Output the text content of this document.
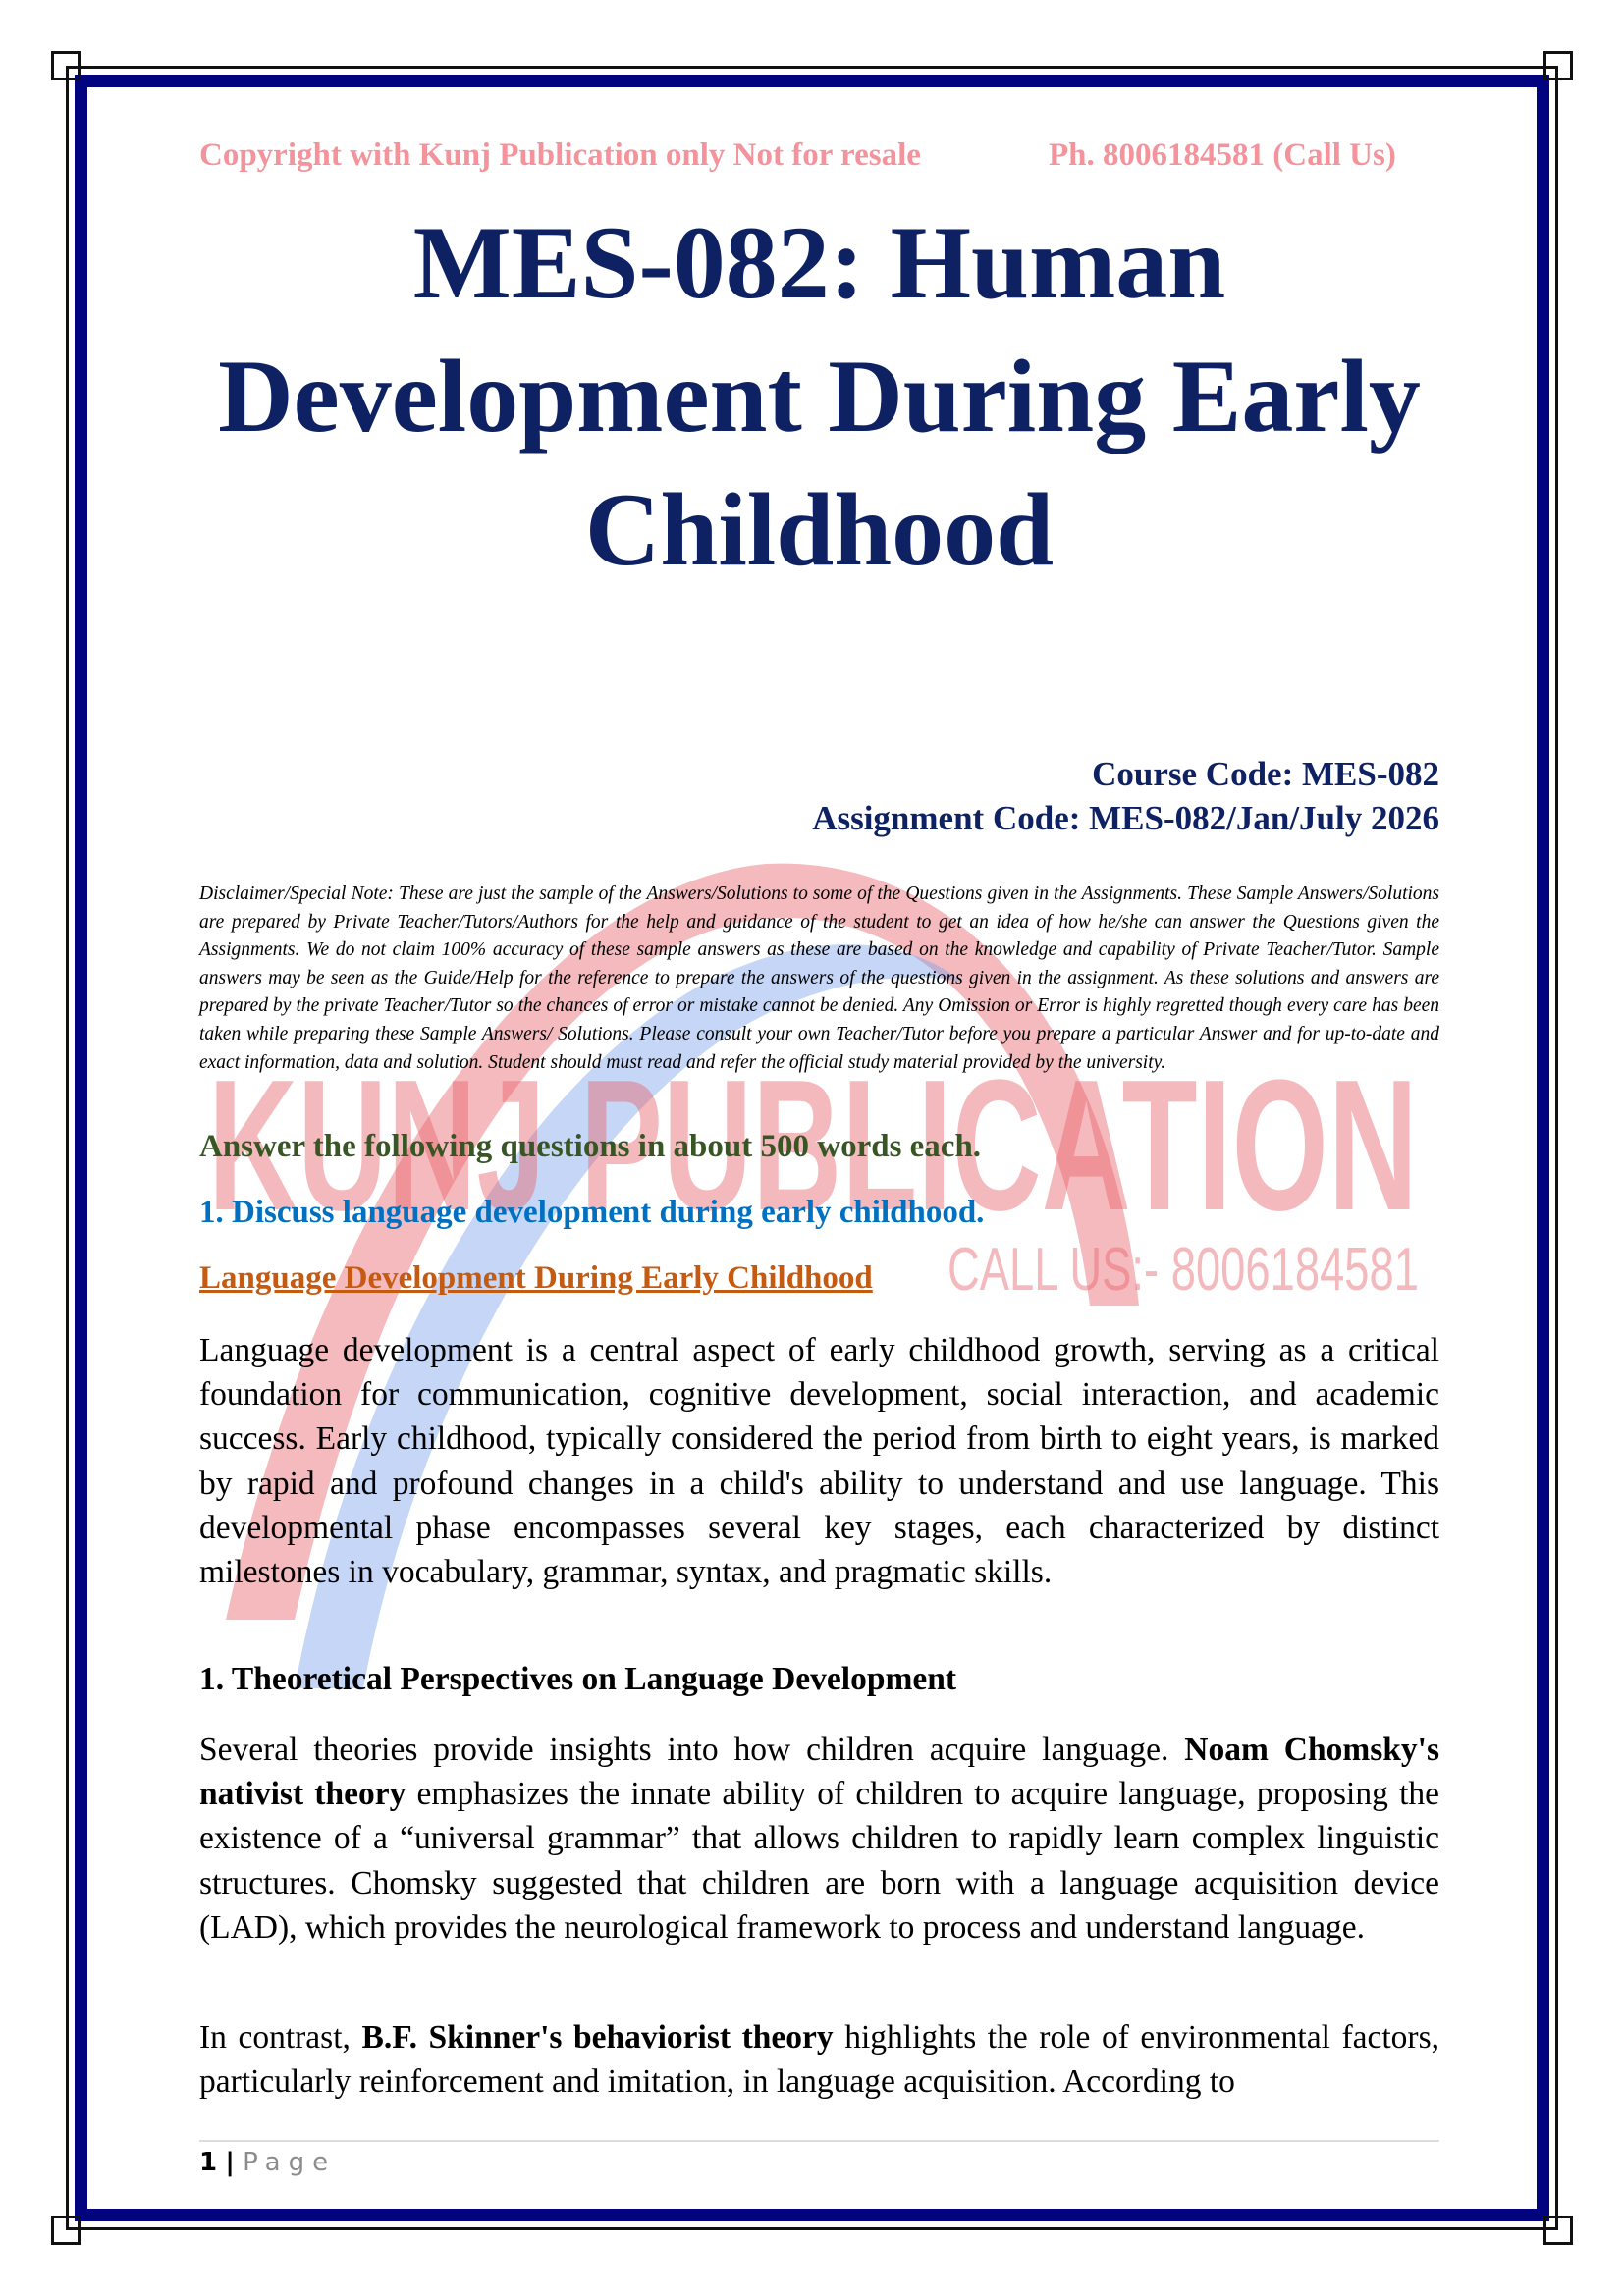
KUNJ PUBLICATION
CALL US:- 8006184581
Copyright with Kunj Publication only Not for resale	Ph. 8006184581 (Call Us)
MES-082: Human
Development During Early
Childhood
Course Code: MES-082
Assignment Code: MES-082/Jan/July 2026
Disclaimer/Special Note: These are just the sample of the Answers/Solutions to some of the Questions given in the Assignments. These Sample Answers/Solutions are prepared by Private Teacher/Tutors/Authors for the help and guidance of the student to get an idea of how he/she can answer the Questions given the Assignments. We do not claim 100% accuracy of these sample answers as these are based on the knowledge and capability of Private Teacher/Tutor. Sample answers may be seen as the Guide/Help for the reference to prepare the answers of the questions given in the assignment. As these solutions and answers are prepared by the private Teacher/Tutor so the chances of error or mistake cannot be denied. Any Omission or Error is highly regretted though every care has been taken while preparing these Sample Answers/ Solutions. Please consult your own Teacher/Tutor before you prepare a particular Answer and for up-to-date and exact information, data and solution. Student should must read and refer the official study material provided by the university.
Answer the following questions in about 500 words each.
1. Discuss language development during early childhood.
Language Development During Early Childhood
Language development is a central aspect of early childhood growth, serving as a critical foundation for communication, cognitive development, social interaction, and academic success. Early childhood, typically considered the period from birth to eight years, is marked by rapid and profound changes in a child's ability to understand and use language. This developmental phase encompasses several key stages, each characterized by distinct milestones in vocabulary, grammar, syntax, and pragmatic skills.
1. Theoretical Perspectives on Language Development
Several theories provide insights into how children acquire language. Noam Chomsky's nativist theory emphasizes the innate ability of children to acquire language, proposing the existence of a “universal grammar” that allows children to rapidly learn complex linguistic structures. Chomsky suggested that children are born with a language acquisition device (LAD), which provides the neurological framework to process and understand language.
In contrast, B.F. Skinner's behaviorist theory highlights the role of environmental factors, particularly reinforcement and imitation, in language acquisition. According to
1 | Page
